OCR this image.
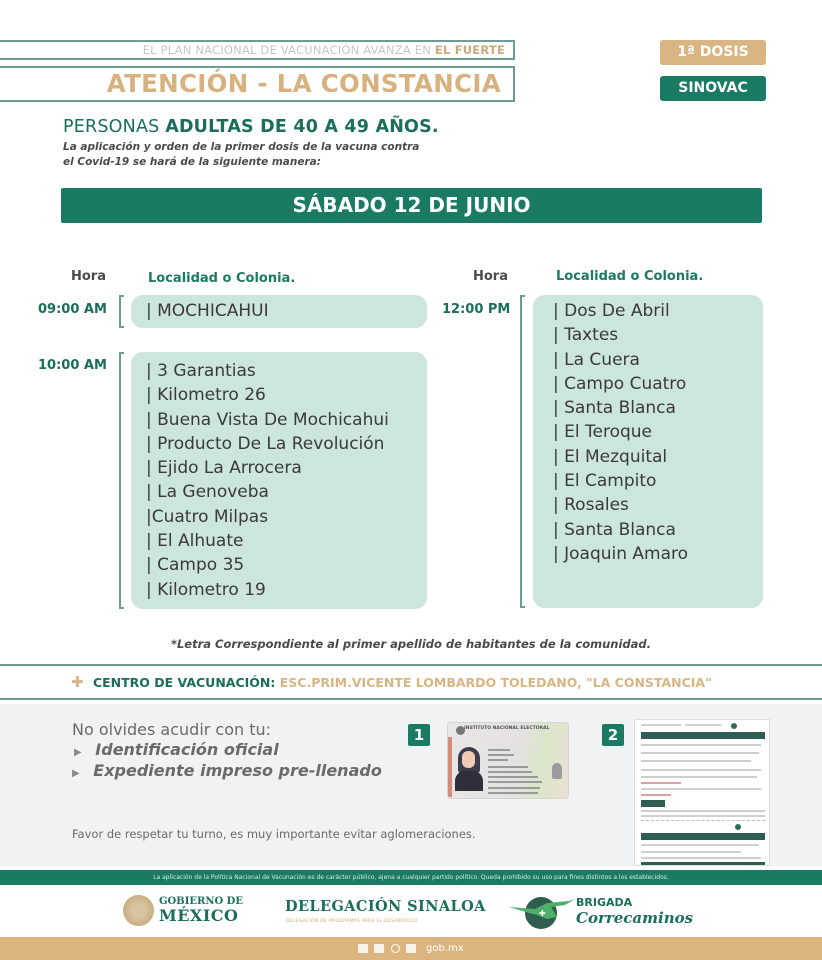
EL PLAN NACIONAL DE VACUNACIÓN AVANZA EN EL FUERTE
ATENCIÓN - LA CONSTANCIA
1ª DOSIS
SINOVAC
PERSONAS ADULTAS DE 40 A 49 AÑOS.
La aplicación y orden de la primer dosis de la vacuna contra
el Covid-19 se hará de la siguiente manera:
SÁBADO 12 DE JUNIO
Hora	Localidad o Colonia.
09:00 AM | MOCHICAHUI
10:00 AM | 3 Garantias
| Kilometro 26
| Buena Vista De Mochicahui
| Producto De La Revolución
| Ejido La Arrocera
| La Genoveba
|Cuatro Milpas
| El Alhuate
| Campo 35
| Kilometro 19
Hora	Localidad o Colonia.
12:00 PM	| Dos De Abril
| Taxtes
| La Cuera
| Campo Cuatro
| Santa Blanca
| El Teroque
| El Mezquital
| El Campito
| Rosales
| Santa Blanca
| Joaquin Amaro
*Letra Correspondiente al primer apellido de habitantes de la comunidad.
✚ CENTRO DE VACUNACIÓN: ESC.PRIM.VICENTE LOMBARDO TOLEDANO, "LA CONSTANCIA"
No olvides acudir con tu:
▶ Identificación oficial
▶ Expediente impreso pre-llenado
Favor de respetar tu turno, es muy importante evitar aglomeraciones.
1	INSTITUTO NACIONAL ELECTORAL	2
La aplicación de la Política Nacional de Vacunación es de carácter público, ajena a cualquier partido político. Queda prohibido su uso para fines distintos a los establecidos.
GOBIERNO DE
MÉXICO	DELEGACIÓN SINALOA
DELEGACIÓN DE PROGRAMAS PARA EL DESARROLLO
✚
BRIGADA
Correcaminos
gob.mx
